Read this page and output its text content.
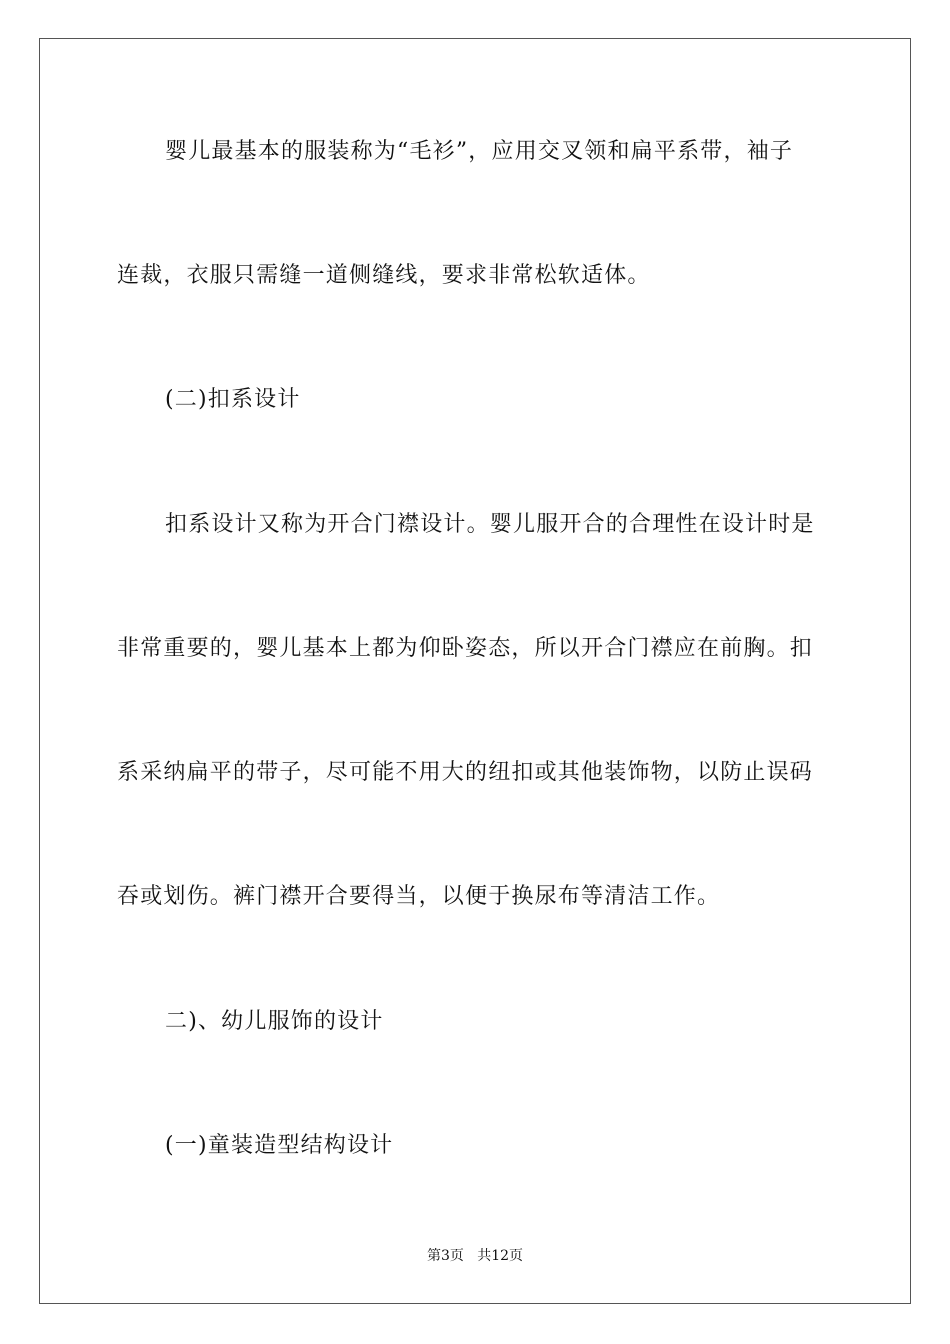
婴儿最基本的服装称为“毛衫”，应用交叉领和扁平系带，袖子
连裁，衣服只需缝一道侧缝线，要求非常松软适体。
(二)扣系设计
扣系设计又称为开合门襟设计。婴儿服开合的合理性在设计时是
非常重要的，婴儿基本上都为仰卧姿态，所以开合门襟应在前胸。扣
系采纳扁平的带子，尽可能不用大的纽扣或其他装饰物，以防止误码
吞或划伤。裤门襟开合要得当，以便于换尿布等清洁工作。
二)、幼儿服饰的设计
(一)童装造型结构设计
第3页   共12页
